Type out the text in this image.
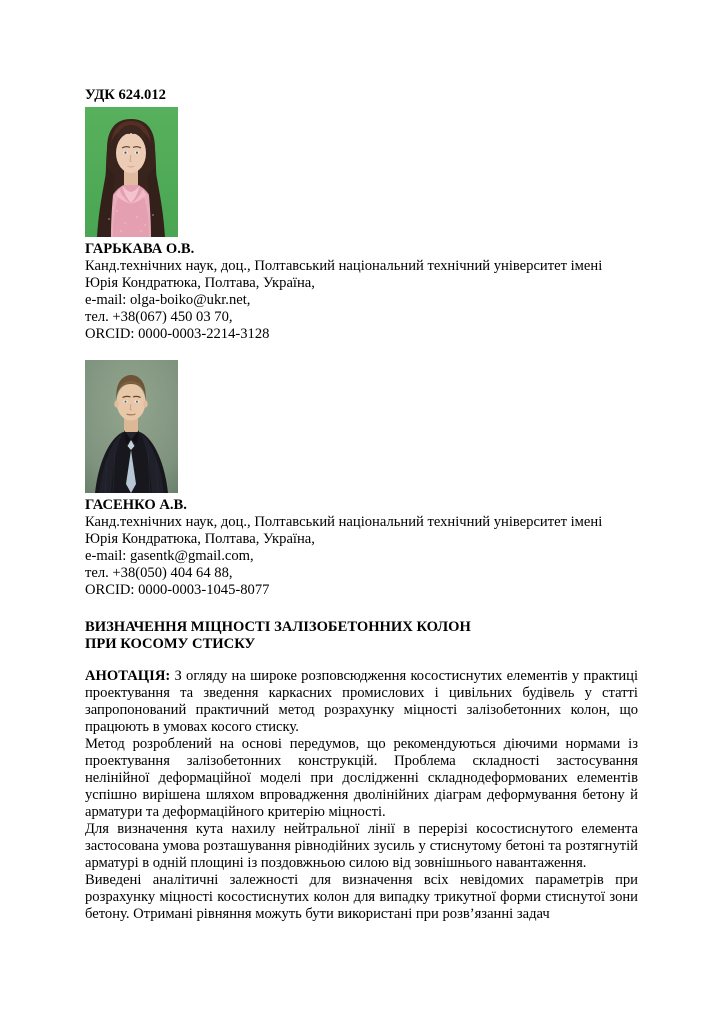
УДК 624.012
ГАРЬКАВА О.В.
Канд.технічних наук, доц., Полтавський національний технічний університет імені
Юрія Кондратюка, Полтава, Україна,
e-mail: olga-boiko@ukr.net,
тел. +38(067) 450 03 70,
ORCID: 0000-0003-2214-3128
ГАСЕНКО А.В.
Канд.технічних наук, доц., Полтавський національний технічний університет імені
Юрія Кондратюка, Полтава, Україна,
e-mail: gasentk@gmail.com,
тел. +38(050) 404 64 88,
ORCID: 0000-0003-1045-8077
ВИЗНАЧЕННЯ МІЦНОСТІ ЗАЛІЗОБЕТОННИХ КОЛОН
ПРИ КОСОМУ СТИСКУ

АНОТАЦІЯ: З огляду на широке розповсюдження косостиснутих елементів у практиці проектування та зведення каркасних промислових і цивільних будівель у статті запропонований практичний метод розрахунку міцності залізобетонних колон, що працюють в умовах косого стиску.

Метод розроблений на основі передумов, що рекомендуються діючими нормами із проектування залізобетонних конструкцій. Проблема складності застосування нелінійної деформаційної моделі при дослідженні складнодеформованих елементів успішно вирішена шляхом впровадження дволінійних діаграм деформування бетону й арматури та деформаційного критерію міцності.

Для визначення кута нахилу нейтральної лінії в перерізі косостиснутого елемента застосована умова розташування рівнодійних зусиль у стиснутому бетоні та розтягнутій арматурі в одній площині із поздовжньою силою від зовнішнього навантаження.

Виведені аналітичні залежності для визначення всіх невідомих параметрів при розрахунку міцності косостиснутих колон для випадку трикутної форми стиснутої зони бетону. Отримані рівняння можуть бути використані при розв’язанні задач
